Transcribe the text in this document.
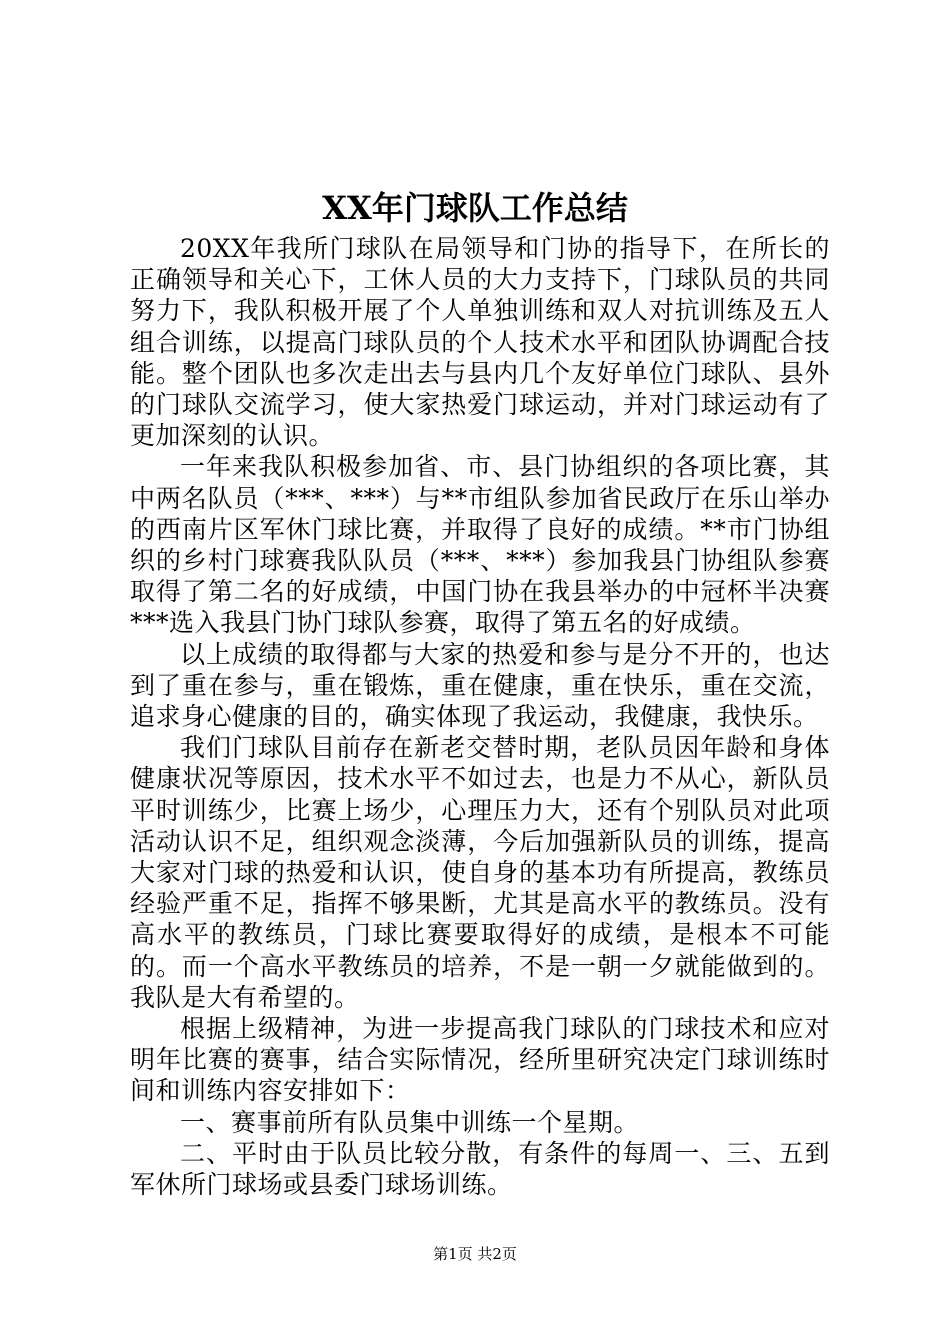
XX年门球队工作总结

20XX年我所门球队在局领导和门协的指导下，在所长的正确领导和关心下，工休人员的大力支持下，门球队员的共同努力下，我队积极开展了个人单独训练和双人对抗训练及五人组合训练，以提高门球队员的个人技术水平和团队协调配合技能。整个团队也多次走出去与县内几个友好单位门球队、县外的门球队交流学习，使大家热爱门球运动，并对门球运动有了更加深刻的认识。

一年来我队积极参加省、市、县门协组织的各项比赛，其中两名队员（***、***）与**市组队参加省民政厅在乐山举办的西南片区军休门球比赛，并取得了良好的成绩。**市门协组织的乡村门球赛我队队员（***、***）参加我县门协组队参赛取得了第二名的好成绩，中国门协在我县举办的中冠杯半决赛***选入我县门协门球队参赛，取得了第五名的好成绩。

以上成绩的取得都与大家的热爱和参与是分不开的，也达到了重在参与，重在锻炼，重在健康，重在快乐，重在交流，追求身心健康的目的，确实体现了我运动，我健康，我快乐。

我们门球队目前存在新老交替时期，老队员因年龄和身体健康状况等原因，技术水平不如过去，也是力不从心，新队员平时训练少，比赛上场少，心理压力大，还有个别队员对此项活动认识不足，组织观念淡薄，今后加强新队员的训练，提高大家对门球的热爱和认识，使自身的基本功有所提高，教练员经验严重不足，指挥不够果断，尤其是高水平的教练员。没有高水平的教练员，门球比赛要取得好的成绩，是根本不可能的。而一个高水平教练员的培养，不是一朝一夕就能做到的。我队是大有希望的。

根据上级精神，为进一步提高我门球队的门球技术和应对明年比赛的赛事，结合实际情况，经所里研究决定门球训练时间和训练内容安排如下：

一、赛事前所有队员集中训练一个星期。

二、平时由于队员比较分散，有条件的每周一、三、五到军休所门球场或县委门球场训练。

第1页 共2页
